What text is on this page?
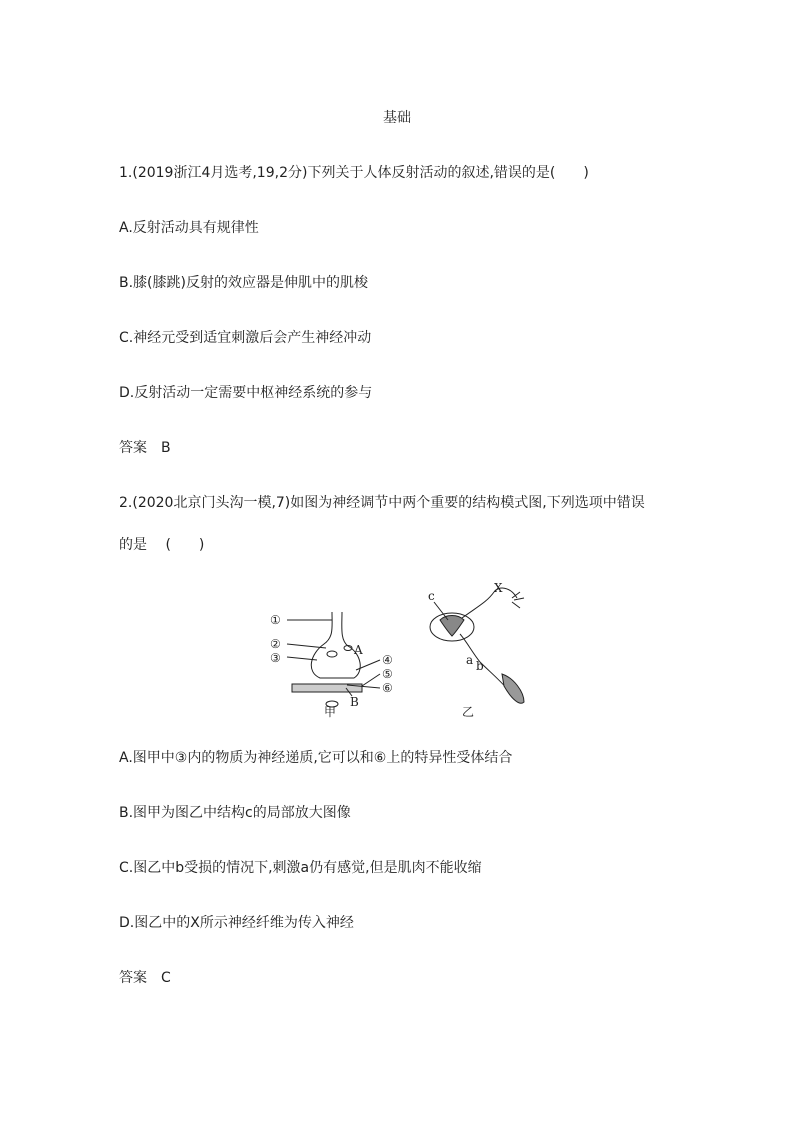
基础
1.(2019浙江4月选考,19,2分)下列关于人体反射活动的叙述,错误的是(　　)
A.反射活动具有规律性
B.膝(膝跳)反射的效应器是伸肌中的肌梭
C.神经元受到适宜刺激后会产生神经冲动
D.反射活动一定需要中枢神经系统的参与
答案　B
2.(2020北京门头沟一模,7)如图为神经调节中两个重要的结构模式图,下列选项中错误
的是　 (　　)
①
②
③	④
⑤
⑥
A
B
甲
c
X
a b
乙
A.图甲中③内的物质为神经递质,它可以和⑥上的特异性受体结合
B.图甲为图乙中结构c的局部放大图像
C.图乙中b受损的情况下,刺激a仍有感觉,但是肌肉不能收缩
D.图乙中的X所示神经纤维为传入神经
答案　C
